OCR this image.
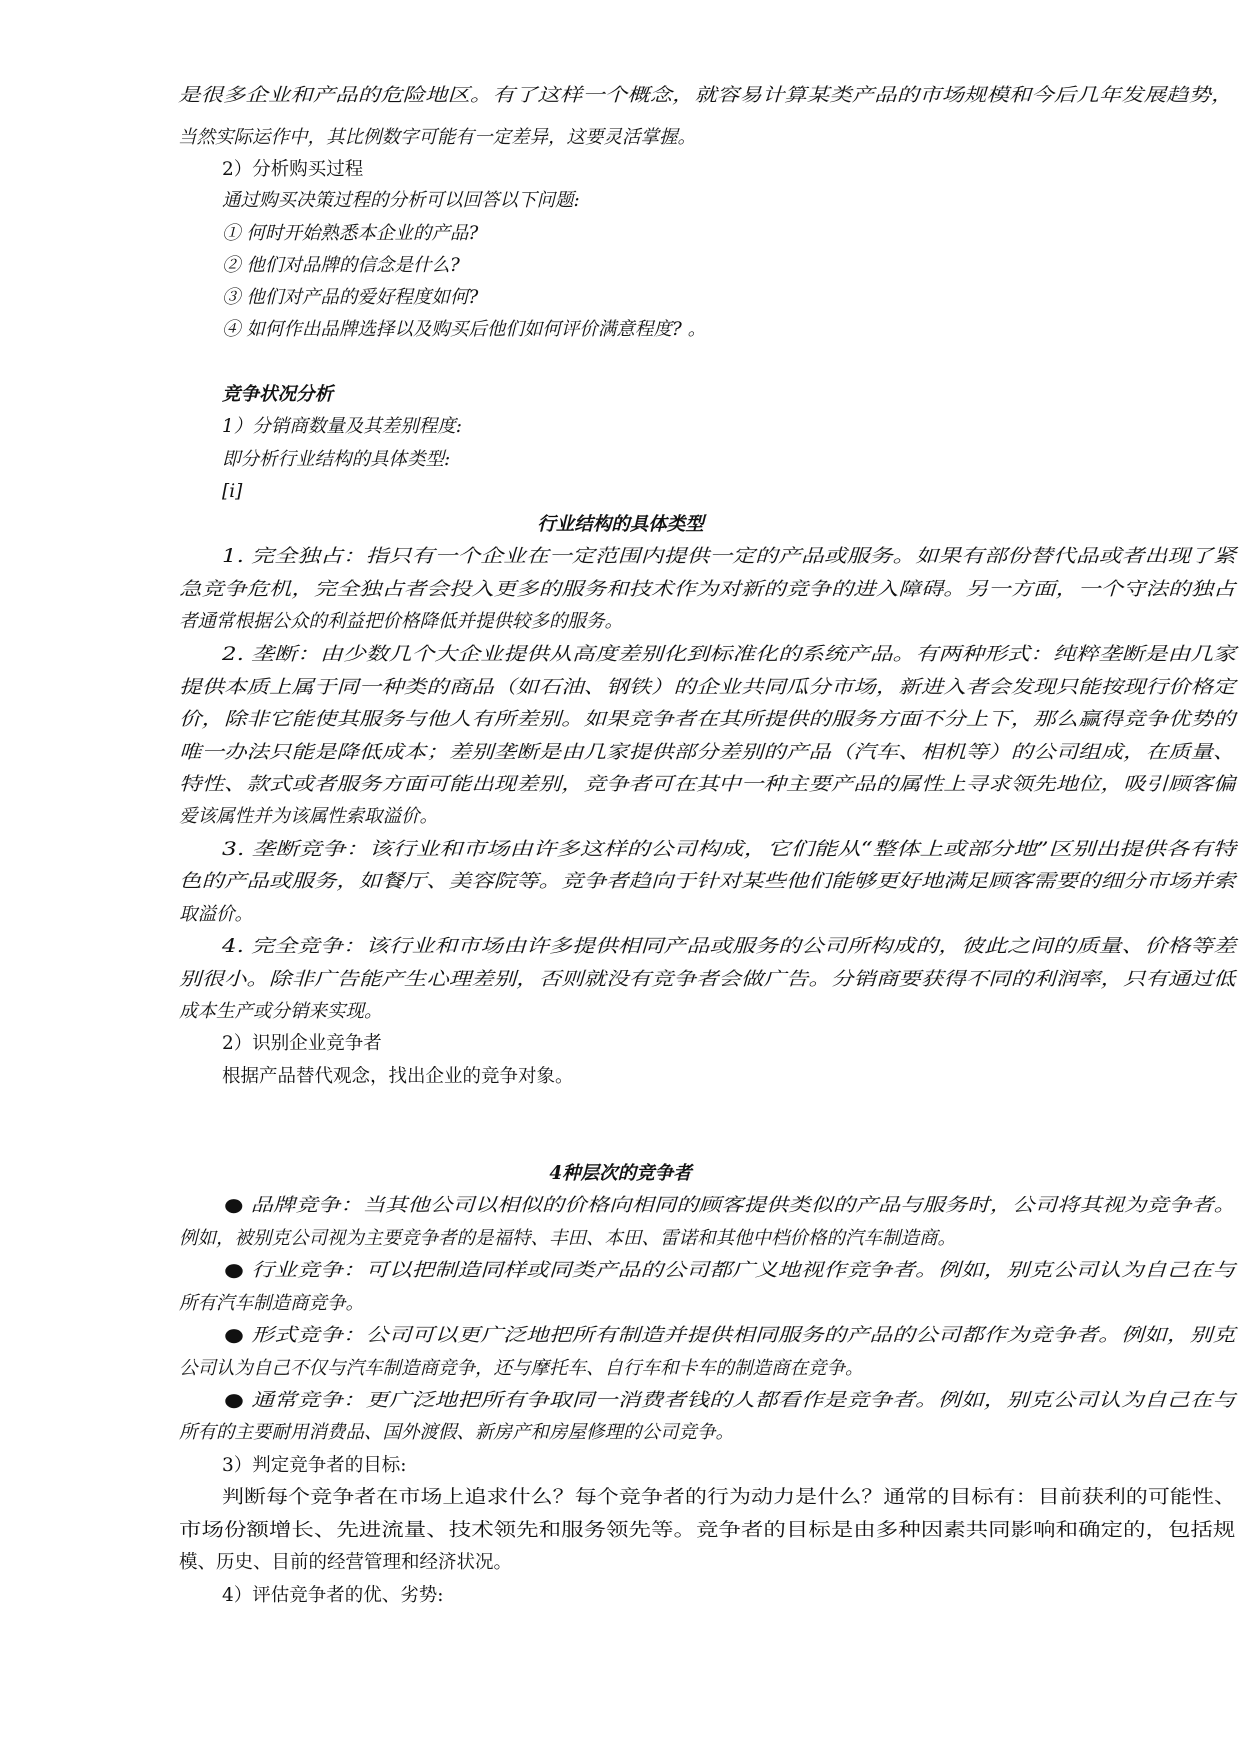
是很多企业和产品的危险地区。有了这样一个概念，就容易计算某类产品的市场规模和今后几年发展趋势，
当然实际运作中，其比例数字可能有一定差异，这要灵活掌握。
2）分析购买过程
通过购买决策过程的分析可以回答以下问题:
① 何时开始熟悉本企业的产品?
② 他们对品牌的信念是什么?
③ 他们对产品的爱好程度如何?
④ 如何作出品牌选择以及购买后他们如何评价满意程度? 。
竞争状况分析
1）分销商数量及其差别程度:
即分析行业结构的具体类型:
[i]
行业结构的具体类型
1. 完全独占：指只有一个企业在一定范围内提供一定的产品或服务。如果有部份替代品或者出现了紧
急竞争危机，完全独占者会投入更多的服务和技术作为对新的竞争的进入障碍。另一方面，一个守法的独占
者通常根据公众的利益把价格降低并提供较多的服务。
2. 垄断：由少数几个大企业提供从高度差别化到标准化的系统产品。有两种形式：纯粹垄断是由几家
提供本质上属于同一种类的商品（如石油、钢铁）的企业共同瓜分市场，新进入者会发现只能按现行价格定
价，除非它能使其服务与他人有所差别。如果竞争者在其所提供的服务方面不分上下，那么赢得竞争优势的
唯一办法只能是降低成本；差别垄断是由几家提供部分差别的产品（汽车、相机等）的公司组成，在质量、
特性、款式或者服务方面可能出现差别，竞争者可在其中一种主要产品的属性上寻求领先地位，吸引顾客偏
爱该属性并为该属性索取溢价。
3. 垄断竞争：该行业和市场由许多这样的公司构成，它们能从“整体上或部分地”区别出提供各有特
色的产品或服务，如餐厅、美容院等。竞争者趋向于针对某些他们能够更好地满足顾客需要的细分市场并索
取溢价。
4. 完全竞争：该行业和市场由许多提供相同产品或服务的公司所构成的，彼此之间的质量、价格等差
别很小。除非广告能产生心理差别，否则就没有竞争者会做广告。分销商要获得不同的利润率，只有通过低
成本生产或分销来实现。
2）识别企业竞争者
根据产品替代观念，找出企业的竞争对象。
4种层次的竞争者
● 品牌竞争：当其他公司以相似的价格向相同的顾客提供类似的产品与服务时，公司将其视为竞争者。
例如，被别克公司视为主要竞争者的是福特、丰田、本田、雷诺和其他中档价格的汽车制造商。
● 行业竞争：可以把制造同样或同类产品的公司都广义地视作竞争者。例如，别克公司认为自己在与
所有汽车制造商竞争。
● 形式竞争：公司可以更广泛地把所有制造并提供相同服务的产品的公司都作为竞争者。例如，别克
公司认为自己不仅与汽车制造商竞争，还与摩托车、自行车和卡车的制造商在竞争。
● 通常竞争：更广泛地把所有争取同一消费者钱的人都看作是竞争者。例如，别克公司认为自己在与
所有的主要耐用消费品、国外渡假、新房产和房屋修理的公司竞争。
3）判定竞争者的目标:
判断每个竞争者在市场上追求什么？每个竞争者的行为动力是什么？通常的目标有：目前获利的可能性、
市场份额增长、先进流量、技术领先和服务领先等。竞争者的目标是由多种因素共同影响和确定的，包括规
模、历史、目前的经营管理和经济状况。
4）评估竞争者的优、劣势:
